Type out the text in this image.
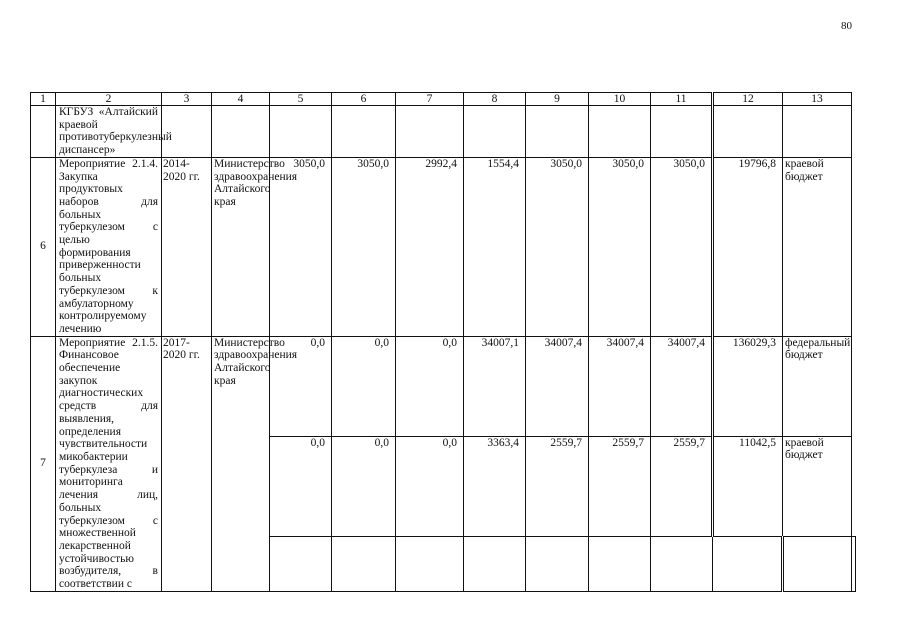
80
1	2	3	4	5	6	7	8	9	10	11	12	13	
	КГБУЗ «Алтайский краевой противотуберкулезный диспансер»												
6	Мероприятие 2.1.4. Закупка продуктовых наборов для больных туберкулезом с целью формирования приверженности больных туберкулезом к амбулаторному контролируемому лечению	2014-2020 гг.	Министерство здравоохранения Алтайского края	3050,0	3050,0	2992,4	1554,4	3050,0	3050,0	3050,0	19796,8	краевой бюджет	
7	Мероприятие 2.1.5. Финансовое обеспечение закупок диагностических средств для выявления, определения чувствительности микобактерии туберкулеза и мониторинга лечения лиц, больных туберкулезом с множественной лекарственной устойчивостью возбудителя, в соответствии с	2017-2020 гг.	Министерство здравоохранения Алтайского края	0,0	0,0	0,0	34007,1	34007,4	34007,4	34007,4	136029,3	федеральный бюджет	
				0,0	0,0	0,0	3363,4	2559,7	2559,7	2559,7	11042,5	краевой бюджет	
